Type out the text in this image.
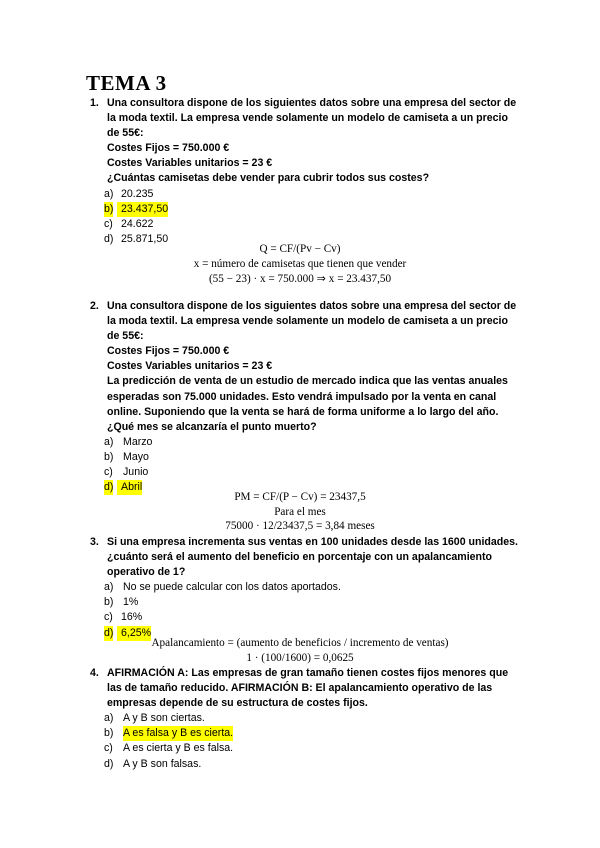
TEMA 3
1. Una consultora dispone de los siguientes datos sobre una empresa del sector de
la moda textil. La empresa vende solamente un modelo de camiseta a un precio
de 55€:
Costes Fijos = 750.000 €
Costes Variables unitarios = 23 €
¿Cuántas camisetas debe vender para cubrir todos sus costes?
a) 20.235
b) 23.437,50
c) 24.622
d) 25.871,50
Q = CF/(Pv − Cv)
x = número de camisetas que tienen que vender
(55 − 23) · x = 750.000 ⇒ x = 23.437,50
2. Una consultora dispone de los siguientes datos sobre una empresa del sector de
la moda textil. La empresa vende solamente un modelo de camiseta a un precio
de 55€:
Costes Fijos = 750.000 €
Costes Variables unitarios = 23 €
La predicción de venta de un estudio de mercado indica que las ventas anuales
esperadas son 75.000 unidades. Esto vendrá impulsado por la venta en canal
online. Suponiendo que la venta se hará de forma uniforme a lo largo del año.
¿Qué mes se alcanzaría el punto muerto?
a) Marzo
b) Mayo
c) Junio
d) Abril
PM = CF/(P − Cv) = 23437,5
Para el mes
75000 · 12/23437,5 = 3,84 meses
3. Si una empresa incrementa sus ventas en 100 unidades desde las 1600 unidades.
¿cuánto será el aumento del beneficio en porcentaje con un apalancamiento
operativo de 1?
a) No se puede calcular con los datos aportados.
b) 1%
c) 16%
d) 6,25%
Apalancamiento = (aumento de beneficios / incremento de ventas)
1 · (100/1600) = 0,0625
4. AFIRMACIÓN A: Las empresas de gran tamaño tienen costes fijos menores que
las de tamaño reducido. AFIRMACIÓN B: El apalancamiento operativo de las
empresas depende de su estructura de costes fijos.
a) A y B son ciertas.
b) A es falsa y B es cierta.
c) A es cierta y B es falsa.
d) A y B son falsas.
